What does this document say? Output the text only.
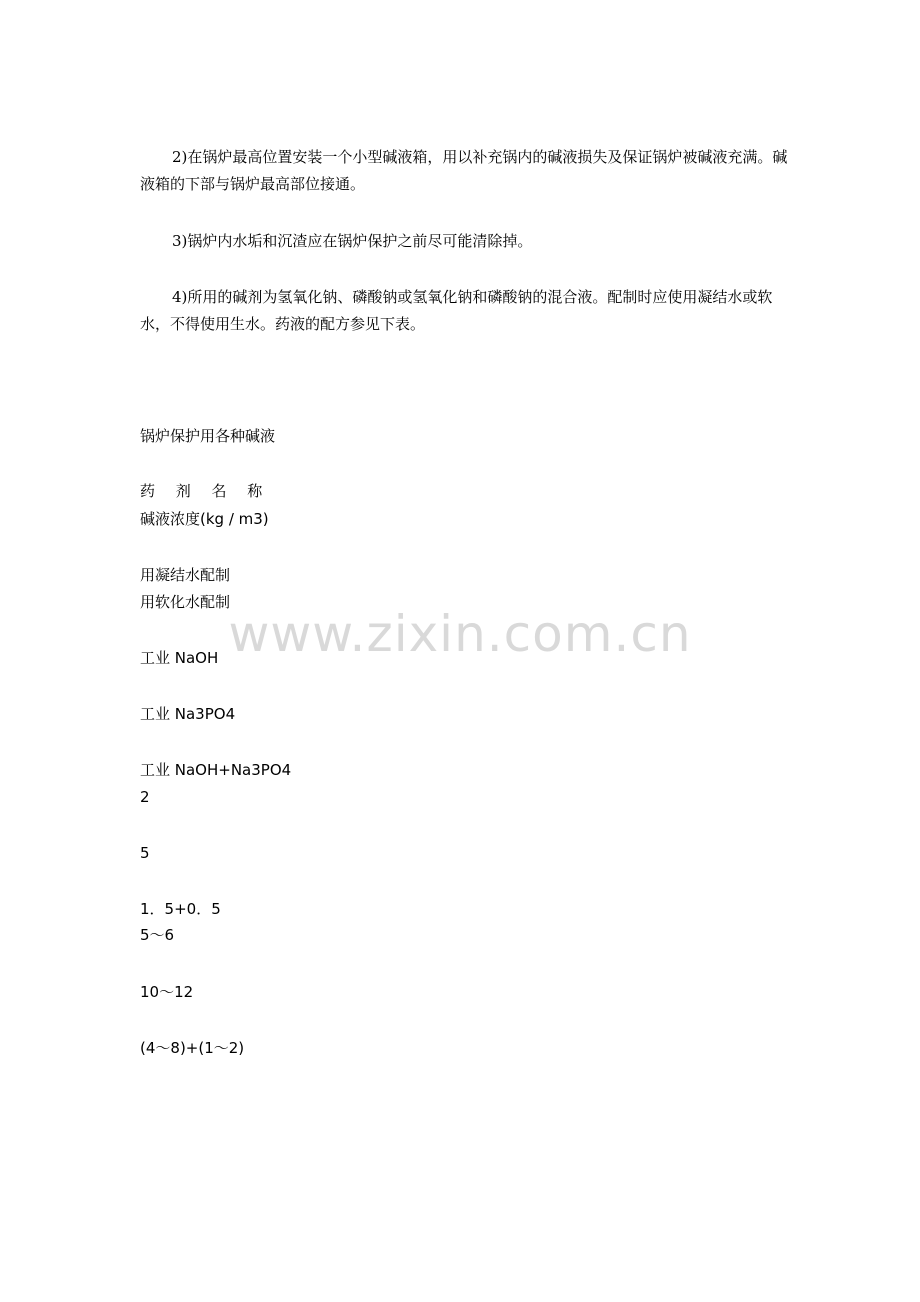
2)在锅炉最高位置安装一个小型碱液箱，用以补充锅内的碱液损失及保证锅炉被碱液充满。碱液箱的下部与锅炉最高部位接通。

3)锅炉内水垢和沉渣应在锅炉保护之前尽可能清除掉。

4)所用的碱剂为氢氧化钠、磷酸钠或氢氧化钠和磷酸钠的混合液。配制时应使用凝结水或软水，不得使用生水。药液的配方参见下表。

锅炉保护用各种碱液

药 剂 名 称

碱液浓度(kg / m3)

用凝结水配制

用软化水配制

工业 NaOH

工业 Na3PO4

工业 NaOH+Na3PO4

2

5

1．5+0．5

5～6

10～12

(4～8)+(1～2)

www.zixin.com.cn
